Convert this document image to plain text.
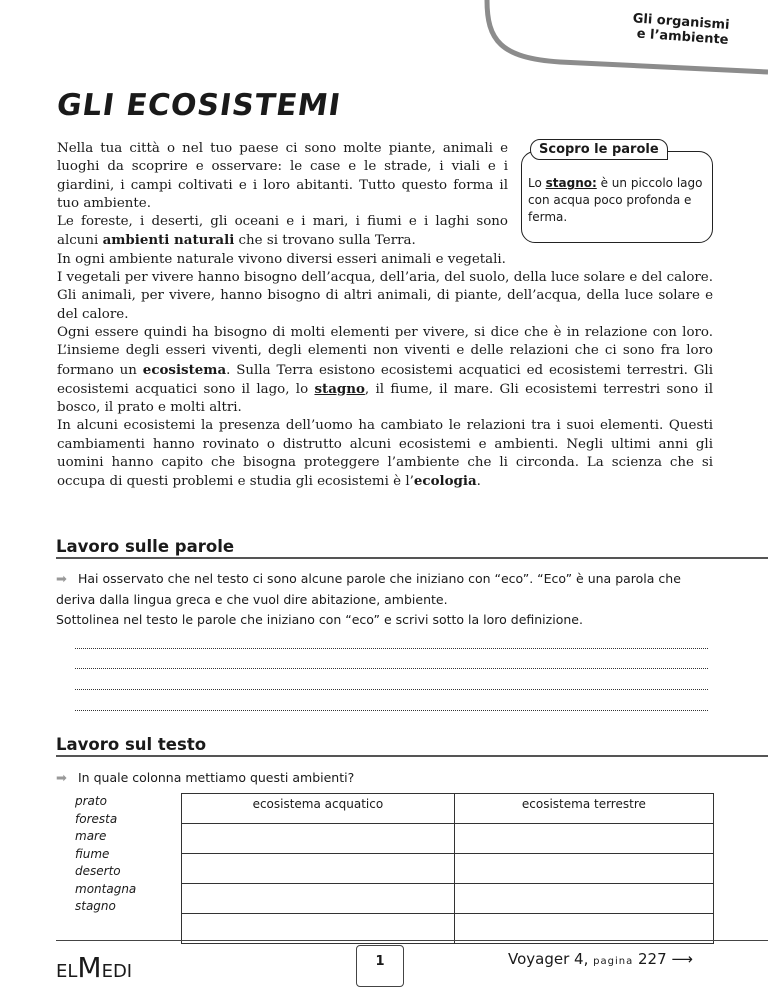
Gli organismi
e l’ambiente
GLI ECOSISTEMI
Scopro le parole
Lo stagno: è un piccolo lago con acqua poco profonda e ferma.

Nella tua città o nel tuo paese ci sono molte piante, animali e luoghi da scoprire e osservare: le case e le strade, i viali e i giardini, i campi coltivati e i loro abitanti. Tutto questo forma il tuo ambiente.

Le foreste, i deserti, gli oceani e i mari, i fiumi e i laghi sono alcuni ambienti naturali che si trovano sulla Terra.

In ogni ambiente naturale vivono diversi esseri animali e vegetali.

I vegetali per vivere hanno bisogno dell’acqua, dell’aria, del suolo, della luce solare e del calore. Gli animali, per vivere, hanno bisogno di altri animali, di piante, dell’acqua, della luce solare e del calore.

Ogni essere quindi ha bisogno di molti elementi per vivere, si dice che è in relazione con loro. L’insieme degli esseri viventi, degli elementi non viventi e delle relazioni che ci sono fra loro formano un ecosistema. Sulla Terra esistono ecosistemi acquatici ed ecosistemi terrestri. Gli ecosistemi acquatici sono il lago, lo stagno, il fiume, il mare. Gli ecosistemi terrestri sono il bosco, il prato e molti altri.

In alcuni ecosistemi la presenza dell’uomo ha cambiato le relazioni tra i suoi elementi. Questi cambiamenti hanno rovinato o distrutto alcuni ecosistemi e ambienti. Negli ultimi anni gli uomini hanno capito che bisogna proteggere l’ambiente che li circonda. La scienza che si occupa di questi problemi e studia gli ecosistemi è l’ecologia.

Lavoro sulle parole
➡ Hai osservato che nel testo ci sono alcune parole che iniziano con “eco”. “Eco” è una parola che deriva dalla lingua greca e che vuol dire abitazione, ambiente.
Sottolinea nel testo le parole che iniziano con “eco” e scrivi sotto la loro definizione.
Lavoro sul testo
➡ In quale colonna mettiamo questi ambienti?
prato
foresta
mare
fiume
deserto
montagna
stagno
ecosistema acquatico	ecosistema terrestre

ELMEDI	1	Voyager 4, pagina 227 ⟶
